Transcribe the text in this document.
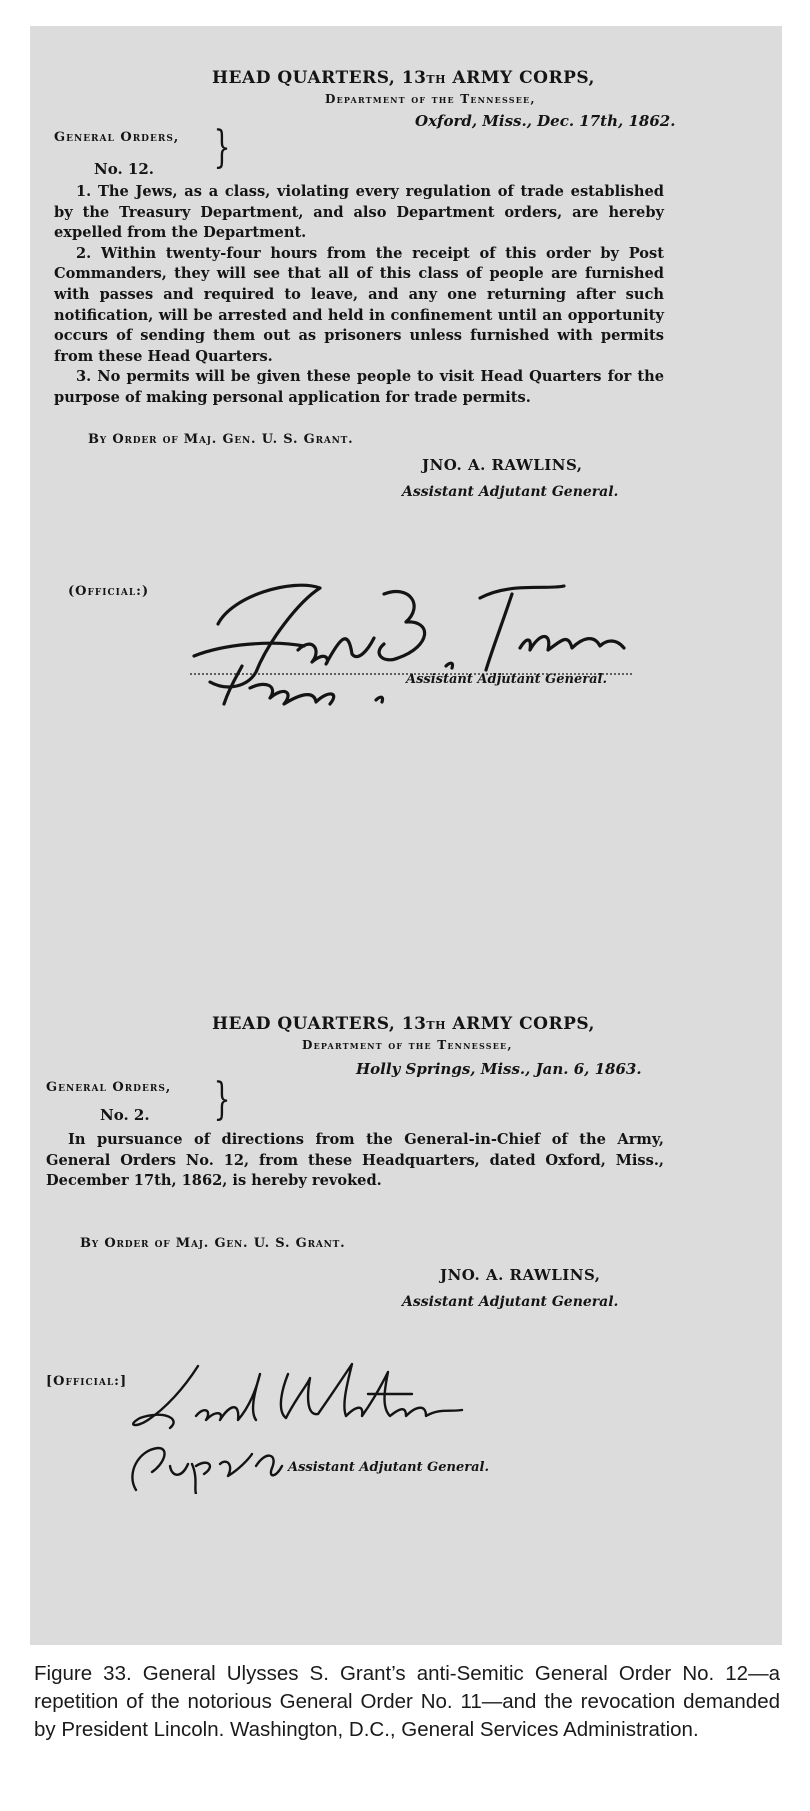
HEAD QUARTERS, 13TH ARMY CORPS,
Department of the Tennessee,
Oxford, Miss., Dec. 17th, 1862.
General Orders,
No. 12. }

1. The Jews, as a class, violating every regulation of trade established by the Treasury Department, and also Department orders, are hereby expelled from the Department.

2. Within twenty-four hours from the receipt of this order by Post Commanders, they will see that all of this class of people are furnished with passes and required to leave, and any one returning after such notification, will be arrested and held in confinement until an opportunity occurs of sending them out as prisoners unless furnished with permits from these Head Quarters.

3. No permits will be given these people to visit Head Quarters for the purpose of making personal application for trade permits.

By Order of Maj. Gen. U. S. Grant.
JNO. A. RAWLINS,
Assistant Adjutant General.
(Official:)
Assistant Adjutant General.
HEAD QUARTERS, 13TH ARMY CORPS,
Department of the Tennessee,
Holly Springs, Miss., Jan. 6, 1863.
General Orders,
No. 2. }

In pursuance of directions from the General-in-Chief of the Army, General Orders No. 12, from these Headquarters, dated Oxford, Miss., December 17th, 1862, is hereby revoked.

By Order of Maj. Gen. U. S. Grant.
JNO. A. RAWLINS,
Assistant Adjutant General.
[Official:]
Assistant Adjutant General.
Figure 33. General Ulysses S. Grant’s anti-Semitic General Order No. 12—a repetition of the notorious General Order No. 11—and the revocation demanded by President Lincoln. Washington, D.C., General Services Administration.
